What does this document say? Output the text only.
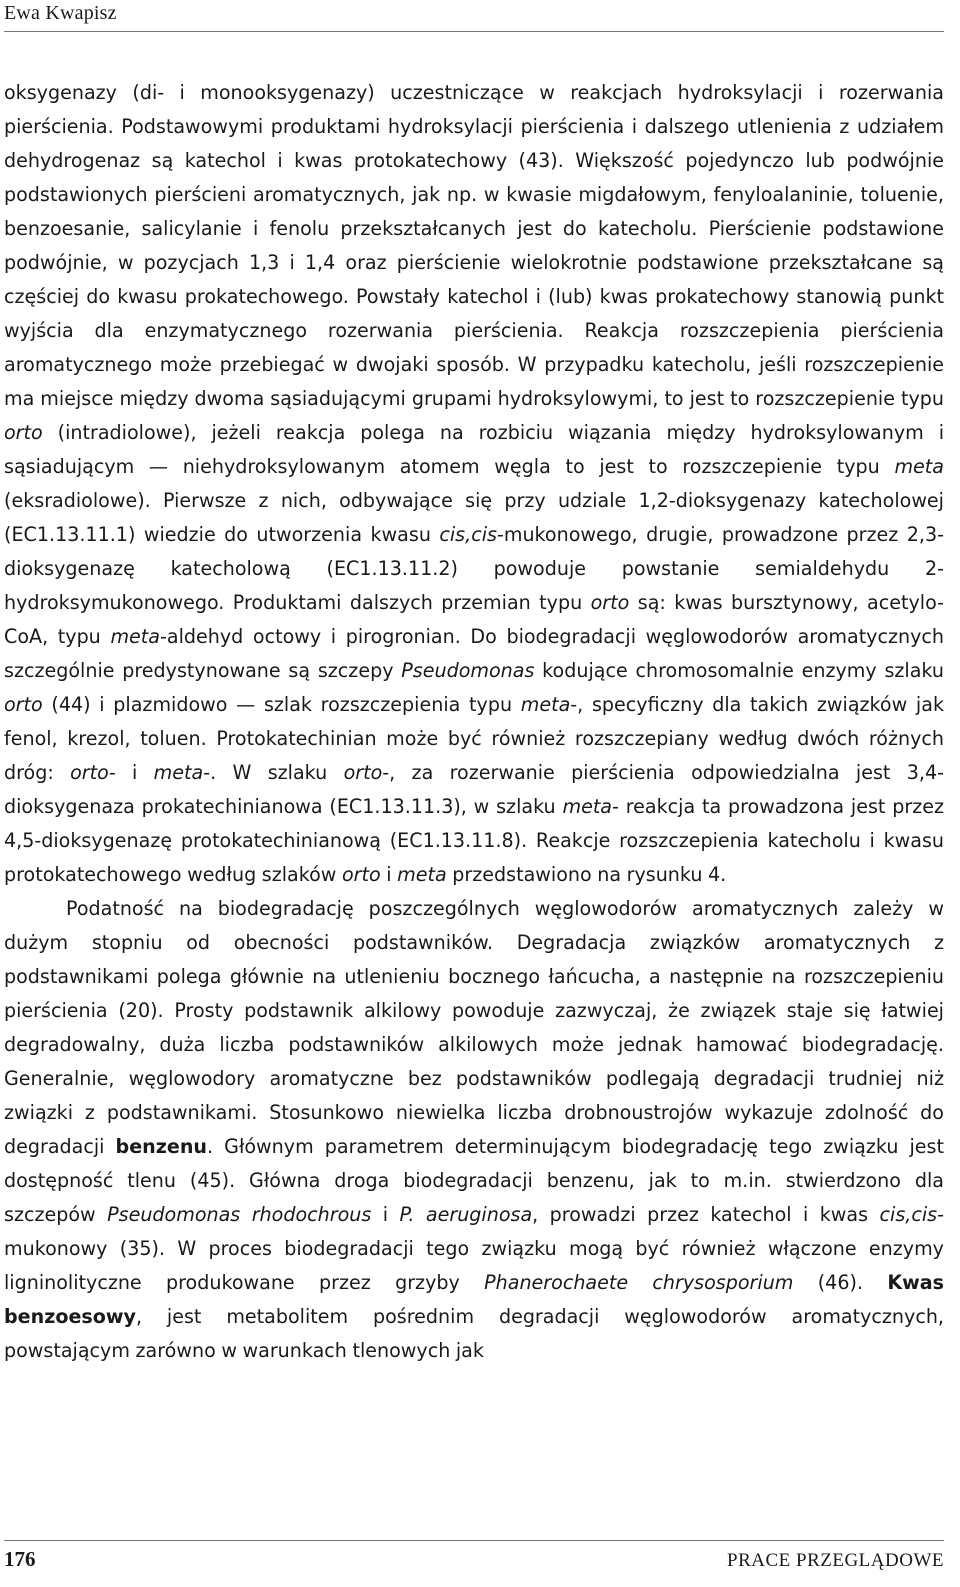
Ewa Kwapisz

oksygenazy (di- i monooksygenazy) uczestniczące w reakcjach hydroksylacji i rozerwania pierścienia. Podstawowymi produktami hydroksylacji pierścienia i dalszego utlenienia z udziałem dehydrogenaz są katechol i kwas protokatechowy (43). Większość pojedynczo lub podwójnie podstawionych pierścieni aromatycznych, jak np. w kwasie migdałowym, fenyloalaninie, toluenie, benzoesanie, salicylanie i fenolu przekształcanych jest do katecholu. Pierścienie podstawione podwójnie, w pozycjach 1,3 i 1,4 oraz pierścienie wielokrotnie podstawione przekształcane są częściej do kwasu prokatechowego. Powstały katechol i (lub) kwas prokatechowy stanowią punkt wyjścia dla enzymatycznego rozerwania pierścienia. Reakcja rozszczepienia pierścienia aromatycznego może przebiegać w dwojaki sposób. W przypadku katecholu, jeśli rozszczepienie ma miejsce między dwoma sąsiadującymi grupami hydroksylowymi, to jest to rozszczepienie typu orto (intradiolowe), jeżeli reakcja polega na rozbiciu wiązania między hydroksylowanym i sąsiadującym — niehydroksylowanym atomem węgla to jest to rozszczepienie typu meta (eksradiolowe). Pierwsze z nich, odbywające się przy udziale 1,2-dioksygenazy katecholowej (EC1.13.11.1) wiedzie do utworzenia kwasu cis,cis-mukonowego, drugie, prowadzone przez 2,3-dioksygenazę katecholową (EC1.13.11.2) powoduje powstanie semialdehydu 2-hydroksymukonowego. Produktami dalszych przemian typu orto są: kwas bursztynowy, acetylo-CoA, typu meta-aldehyd octowy i pirogronian. Do biodegradacji węglowodorów aromatycznych szczególnie predystynowane są szczepy Pseudomonas kodujące chromosomalnie enzymy szlaku orto (44) i plazmidowo — szlak rozszczepienia typu meta-, specyficzny dla takich związków jak fenol, krezol, toluen. Protokatechinian może być również rozszczepiany według dwóch różnych dróg: orto- i meta-. W szlaku orto-, za rozerwanie pierścienia odpowiedzialna jest 3,4-dioksygenaza prokatechinianowa (EC1.13.11.3), w szlaku meta- reakcja ta prowadzona jest przez 4,5-dioksygenazę protokatechinianową (EC1.13.11.8). Reakcje rozszczepienia katecholu i kwasu protokatechowego według szlaków orto i meta przedstawiono na rysunku 4.

Podatność na biodegradację poszczególnych węglowodorów aromatycznych zależy w dużym stopniu od obecności podstawników. Degradacja związków aromatycznych z podstawnikami polega głównie na utlenieniu bocznego łańcucha, a następnie na rozszczepieniu pierścienia (20). Prosty podstawnik alkilowy powoduje zazwyczaj, że związek staje się łatwiej degradowalny, duża liczba podstawników alkilowych może jednak hamować biodegradację. Generalnie, węglowodory aromatyczne bez podstawników podlegają degradacji trudniej niż związki z podstawnikami. Stosunkowo niewielka liczba drobnoustrojów wykazuje zdolność do degradacji benzenu. Głównym parametrem determinującym biodegradację tego związku jest dostępność tlenu (45). Główna droga biodegradacji benzenu, jak to m.in. stwierdzono dla szczepów Pseudomonas rhodochrous i P. aeruginosa, prowadzi przez katechol i kwas cis,cis-mukonowy (35). W proces biodegradacji tego związku mogą być również włączone enzymy ligninolityczne produkowane przez grzyby Phanerochaete chrysosporium (46). Kwas benzoesowy, jest metabolitem pośrednim degradacji węglowodorów aromatycznych, powstającym zarówno w warunkach tlenowych jak

176	PRACE PRZEGLĄDOWE
